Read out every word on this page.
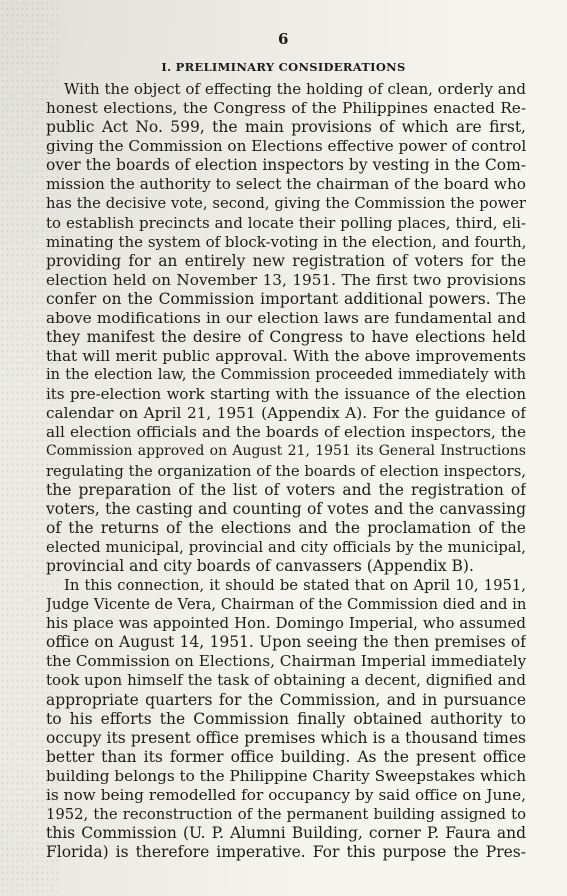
6
I. PRELIMINARY CONSIDERATIONS
With the object of effecting the holding of clean, orderly and
honest elections, the Congress of the Philippines enacted Re-
public Act No. 599, the main provisions of which are first,
giving the Commission on Elections effective power of control
over the boards of election inspectors by vesting in the Com-
mission the authority to select the chairman of the board who
has the decisive vote, second, giving the Commission the power
to establish precincts and locate their polling places, third, eli-
minating the system of block-voting in the election, and fourth,
providing for an entirely new registration of voters for the
election held on November 13, 1951. The first two provisions
confer on the Commission important additional powers. The
above modifications in our election laws are fundamental and
they manifest the desire of Congress to have elections held
that will merit public approval. With the above improvements
in the election law, the Commission proceeded immediately with
its pre-election work starting with the issuance of the election
calendar on April 21, 1951 (Appendix A). For the guidance of
all election officials and the boards of election inspectors, the
Commission approved on August 21, 1951 its General Instructions
regulating the organization of the boards of election inspectors,
the preparation of the list of voters and the registration of
voters, the casting and counting of votes and the canvassing
of the returns of the elections and the proclamation of the
elected municipal, provincial and city officials by the municipal,
provincial and city boards of canvassers (Appendix B).
In this connection, it should be stated that on April 10, 1951,
Judge Vicente de Vera, Chairman of the Commission died and in
his place was appointed Hon. Domingo Imperial, who assumed
office on August 14, 1951. Upon seeing the then premises of
the Commission on Elections, Chairman Imperial immediately
took upon himself the task of obtaining a decent, dignified and
appropriate quarters for the Commission, and in pursuance
to his efforts the Commission finally obtained authority to
occupy its present office premises which is a thousand times
better than its former office building. As the present office
building belongs to the Philippine Charity Sweepstakes which
is now being remodelled for occupancy by said office on June,
1952, the reconstruction of the permanent building assigned to
this Commission (U. P. Alumni Building, corner P. Faura and
Florida) is therefore imperative. For this purpose the Pres-
